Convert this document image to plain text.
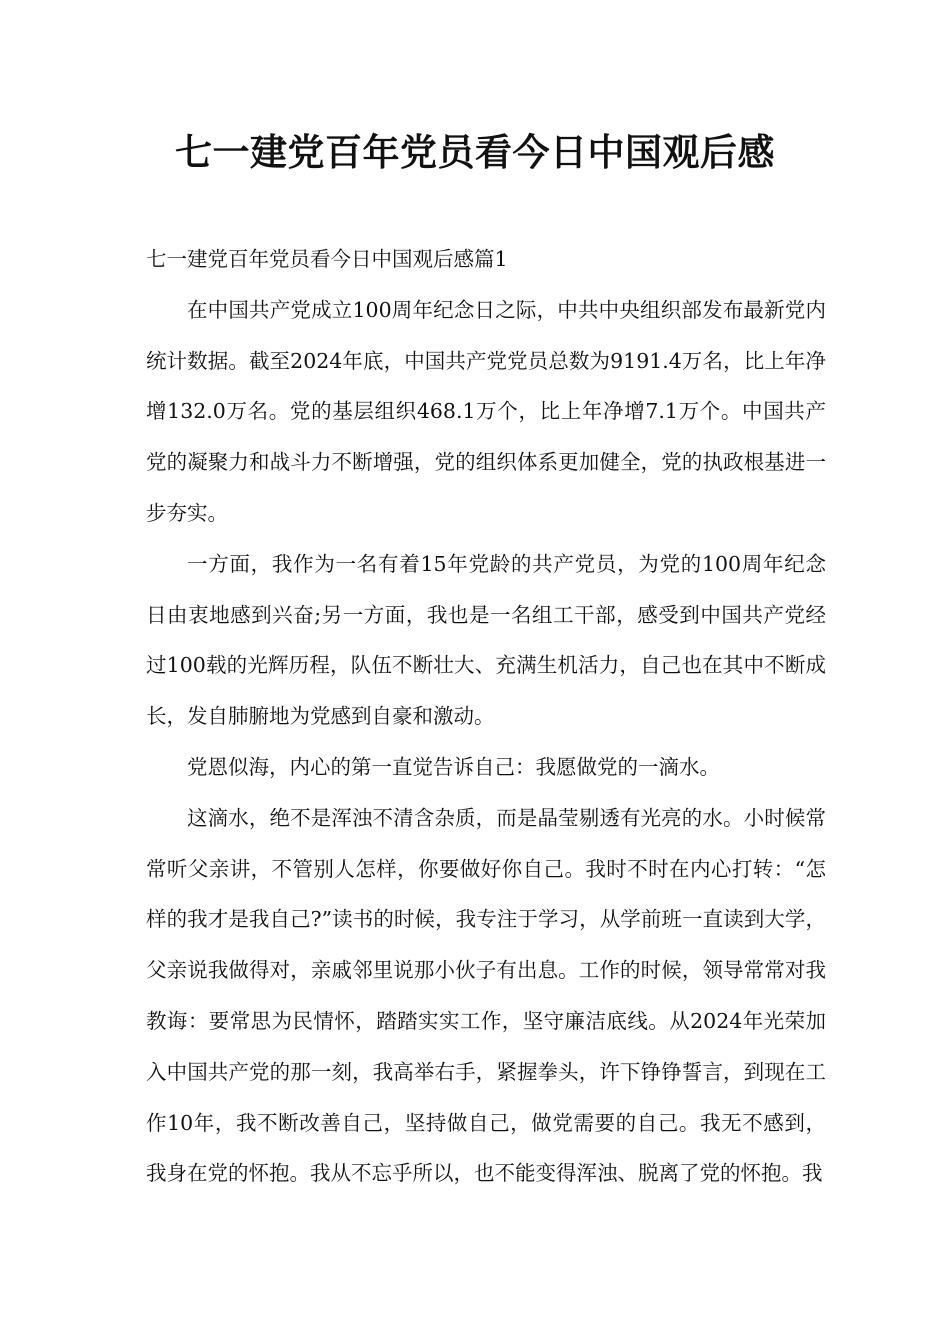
七一建党百年党员看今日中国观后感

七一建党百年党员看今日中国观后感篇1

在中国共产党成立100周年纪念日之际，中共中央组织部发布最新党内统计数据。截至2024年底，中国共产党党员总数为9191.4万名，比上年净增132.0万名。党的基层组织468.1万个，比上年净增7.1万个。中国共产党的凝聚力和战斗力不断增强，党的组织体系更加健全，党的执政根基进一步夯实。

一方面，我作为一名有着15年党龄的共产党员，为党的100周年纪念日由衷地感到兴奋;另一方面，我也是一名组工干部，感受到中国共产党经过100载的光辉历程，队伍不断壮大、充满生机活力，自己也在其中不断成长，发自肺腑地为党感到自豪和激动。

党恩似海，内心的第一直觉告诉自己：我愿做党的一滴水。

这滴水，绝不是浑浊不清含杂质，而是晶莹剔透有光亮的水。小时候常常听父亲讲，不管别人怎样，你要做好你自己。我时不时在内心打转：“怎样的我才是我自己?”读书的时候，我专注于学习，从学前班一直读到大学，父亲说我做得对，亲戚邻里说那小伙子有出息。工作的时候，领导常常对我教诲：要常思为民情怀，踏踏实实工作，坚守廉洁底线。从2024年光荣加入中国共产党的那一刻，我高举右手，紧握拳头，许下铮铮誓言，到现在工作10年，我不断改善自己，坚持做自己，做党需要的自己。我无不感到，我身在党的怀抱。我从不忘乎所以，也不能变得浑浊、脱离了党的怀抱。我
